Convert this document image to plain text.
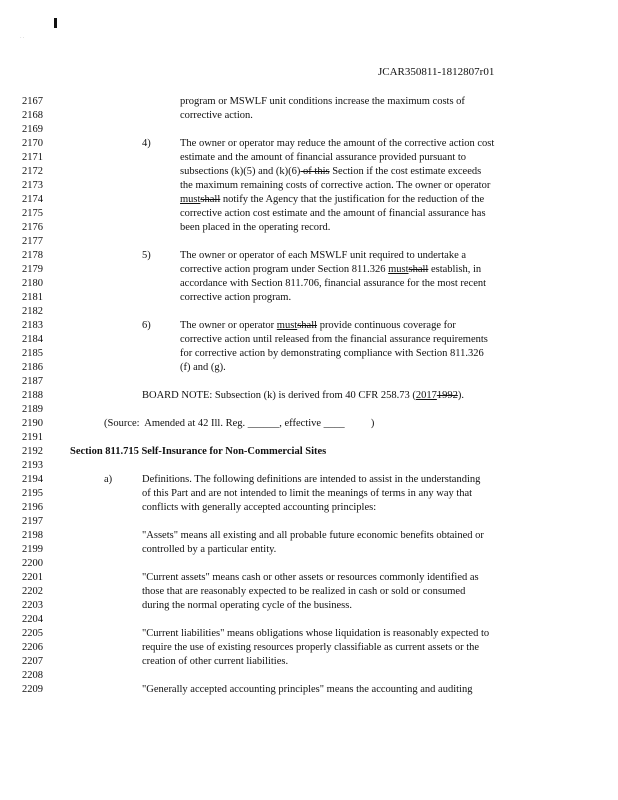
· ·
JCAR350811-1812807r01
2167
2168
2169
2170
2171
2172
2173
2174
2175
2176
2177
2178
2179
2180
2181
2182
2183
2184
2185
2186
2187
2188
2189
2190
2191
2192
2193
2194
2195
2196
2197
2198
2199
2200
2201
2202
2203
2204
2205
2206
2207
2208
2209
program or MSWLF unit conditions increase the maximum costs of
corrective action.
4)	The owner or operator may reduce the amount of the corrective action cost
estimate and the amount of financial assurance provided pursuant to
subsections (k)(5) and (k)(6) of this Section if the cost estimate exceeds
the maximum remaining costs of corrective action. The owner or operator
mustshall notify the Agency that the justification for the reduction of the
corrective action cost estimate and the amount of financial assurance has
been placed in the operating record.
5)	The owner or operator of each MSWLF unit required to undertake a
corrective action program under Section 811.326 mustshall establish, in
accordance with Section 811.706, financial assurance for the most recent
corrective action program.
6)	The owner or operator mustshall provide continuous coverage for
corrective action until released from the financial assurance requirements
for corrective action by demonstrating compliance with Section 811.326
(f) and (g).
BOARD NOTE: Subsection (k) is derived from 40 CFR 258.73 (20171992).
(Source:  Amended at 42 Ill. Reg. ______, effective ____          )
Section 811.715 Self-Insurance for Non-Commercial Sites
a)	Definitions. The following definitions are intended to assist in the understanding
of this Part and are not intended to limit the meanings of terms in any way that
conflicts with generally accepted accounting principles:
"Assets" means all existing and all probable future economic benefits obtained or
controlled by a particular entity.
"Current assets" means cash or other assets or resources commonly identified as
those that are reasonably expected to be realized in cash or sold or consumed
during the normal operating cycle of the business.
"Current liabilities" means obligations whose liquidation is reasonably expected to
require the use of existing resources properly classifiable as current assets or the
creation of other current liabilities.
"Generally accepted accounting principles" means the accounting and auditing
